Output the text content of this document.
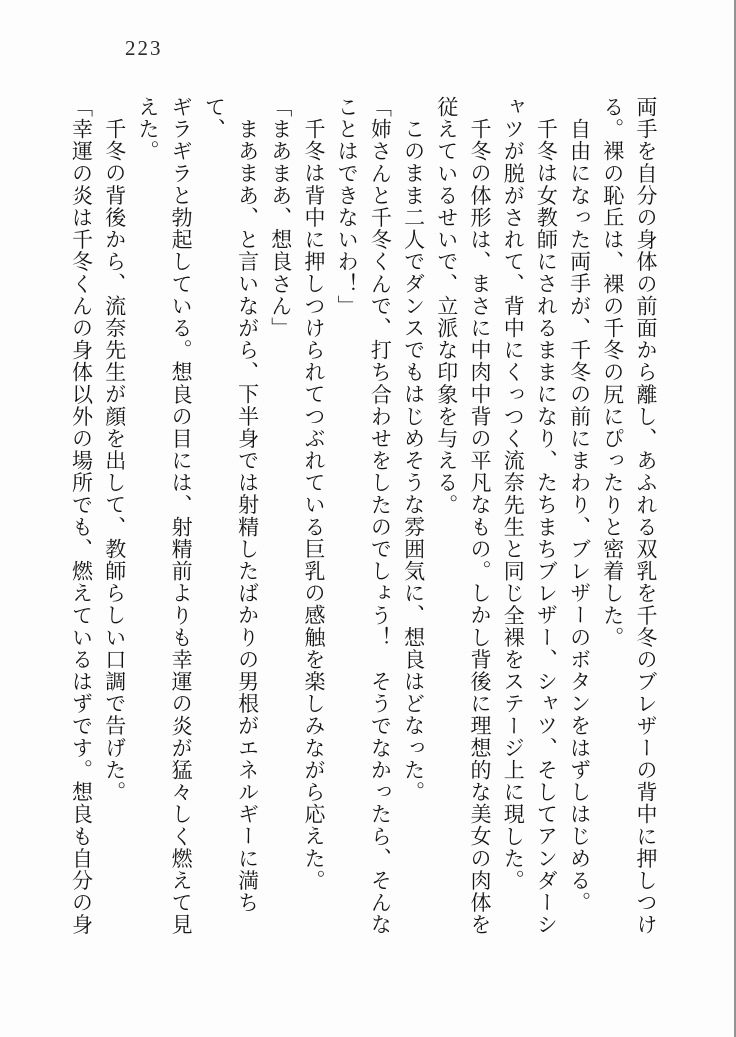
223
両手を自分の身体の前面から離し、あふれる双乳を千冬のブレザーの背中に押しつけ
る。裸の恥丘は、裸の千冬の尻にぴったりと密着した。
自由になった両手が、千冬の前にまわり、ブレザーのボタンをはずしはじめる。
千冬は女教師にされるままになり、たちまちブレザー、シャツ、そしてアンダーシ
ャツが脱がされて、背中にくっつく流奈先生と同じ全裸をステージ上に現した。
千冬の体形は、まさに中肉中背の平凡なもの。しかし背後に理想的な美女の肉体を
従えているせいで、立派な印象を与える。
このまま二人でダンスでもはじめそうな雰囲気に、想良はどなった。
「姉さんと千冬くんで、打ち合わせをしたのでしょう！　そうでなかったら、そんな
ことはできないわ！」
千冬は背中に押しつけられてつぶれている巨乳の感触を楽しみながら応えた。
「まあまあ、想良さん」
まあまあ、と言いながら、下半身では射精したばかりの男根がエネルギーに満ちて、
ギラギラと勃起している。想良の目には、射精前よりも幸運の炎が猛々しく燃えて見
えた。
千冬の背後から、流奈先生が顔を出して、教師らしい口調で告げた。
「幸運の炎は千冬くんの身体以外の場所でも、燃えているはずです。想良も自分の身
